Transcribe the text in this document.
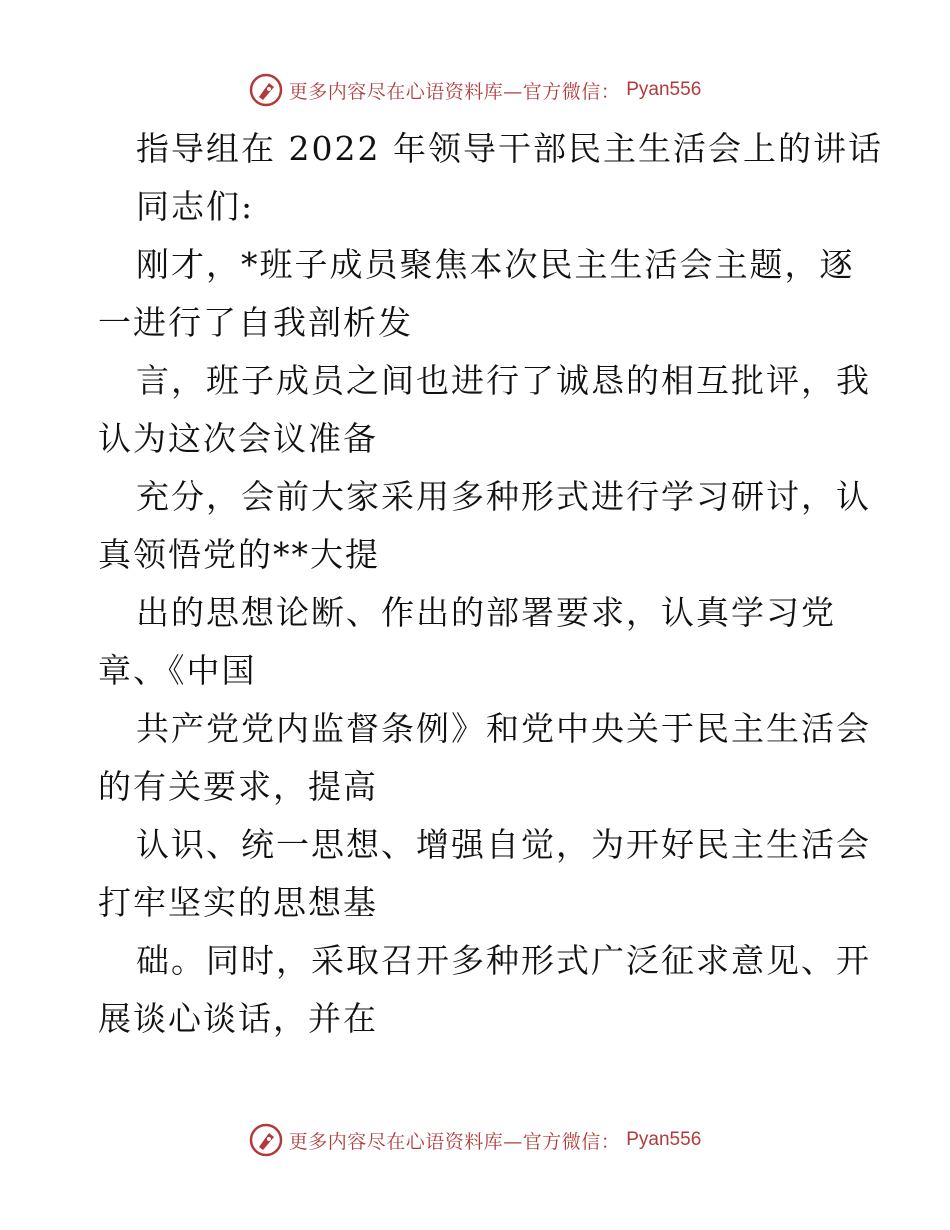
更多内容尽在心语资料库—官方微信： Pyan556
指导组在 2022 年领导干部民主生活会上的讲话
同志们:
刚才，*班子成员聚焦本次民主生活会主题，逐
一进行了自我剖析发
言，班子成员之间也进行了诚恳的相互批评，我
认为这次会议准备
充分，会前大家采用多种形式进行学习研讨，认
真领悟党的**大提
出的思想论断、作出的部署要求，认真学习党
章、《中国
共产党党内监督条例》和党中央关于民主生活会
的有关要求，提高
认识、统一思想、增强自觉，为开好民主生活会
打牢坚实的思想基
础。同时，采取召开多种形式广泛征求意见、开
展谈心谈话，并在
更多内容尽在心语资料库—官方微信： Pyan556
